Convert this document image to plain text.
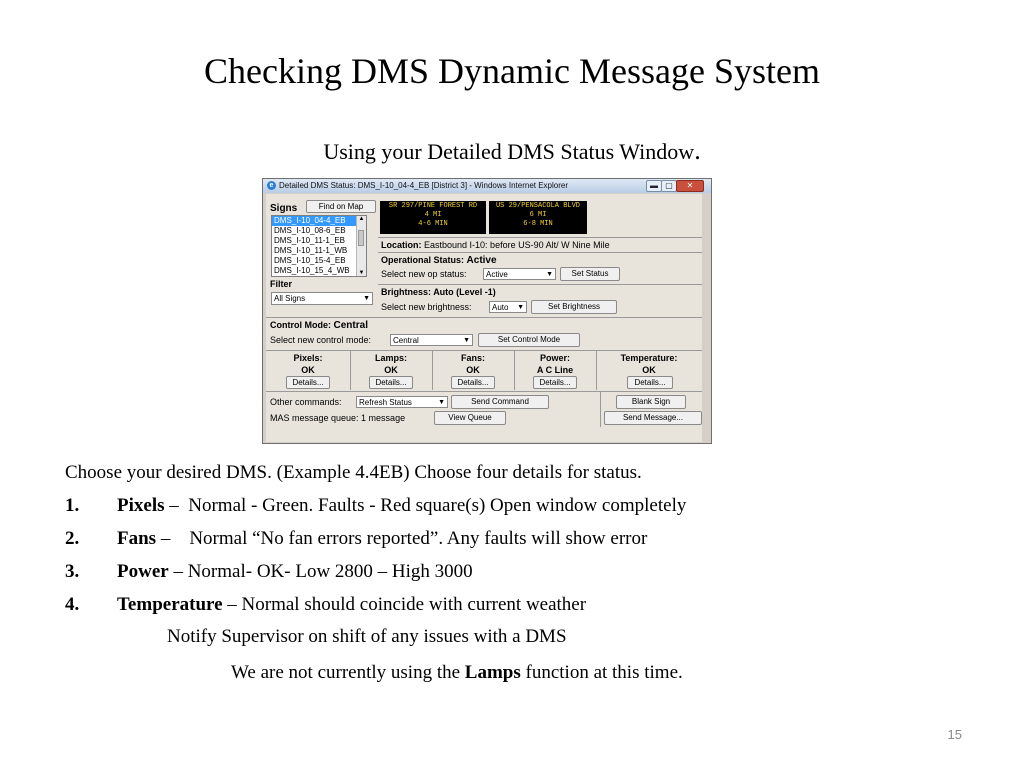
Checking DMS Dynamic Message System
Using your Detailed DMS Status Window.
e Detailed DMS Status: DMS_I-10_04-4_EB [District 3] - Windows Internet Explorer	▬ ▢	✕
Signs	Find on Map
DMS_I-10_04-4_EB
DMS_I-10_08-6_EB
DMS_I-10_11-1_EB
DMS_I-10_11-1_WB
DMS_I-10_15-4_EB
DMS_I-10_15_4_WB
▲
▼
Filter
All Signs	▼
SR 297/PINE FOREST RD
4 MI
4-6 MIN
US 29/PENSACOLA BLVD
6 MI
6-8 MIN
Location: Eastbound I-10: before US-90 Alt/ W Nine Mile
Operational Status: Active
Select new op status:	Active	▼	Set Status
Brightness: Auto (Level -1)
Select new brightness:	Auto ▼	Set Brightness
Control Mode: Central
Select new control mode:	Central	▼	Set Control Mode
Pixels:
OK
Details...
Lamps:
OK
Details...
Fans:
OK
Details...
Power:
A C Line
Details...
Temperature:
OK
Details...
Other commands:	Refresh Status	▼	Send Command	Blank Sign
MAS message queue: 1 message	View Queue	Send Message...
Choose your desired DMS. (Example 4.4EB) Choose four details for status.
1. Pixels –  Normal - Green. Faults - Red square(s) Open window completely
2. Fans –    Normal “No fan errors reported”. Any faults will show error
3. Power – Normal- OK- Low 2800 – High 3000
4. Temperature – Normal should coincide with current weather
Notify Supervisor on shift of any issues with a DMS
We are not currently using the Lamps function at this time.
15
